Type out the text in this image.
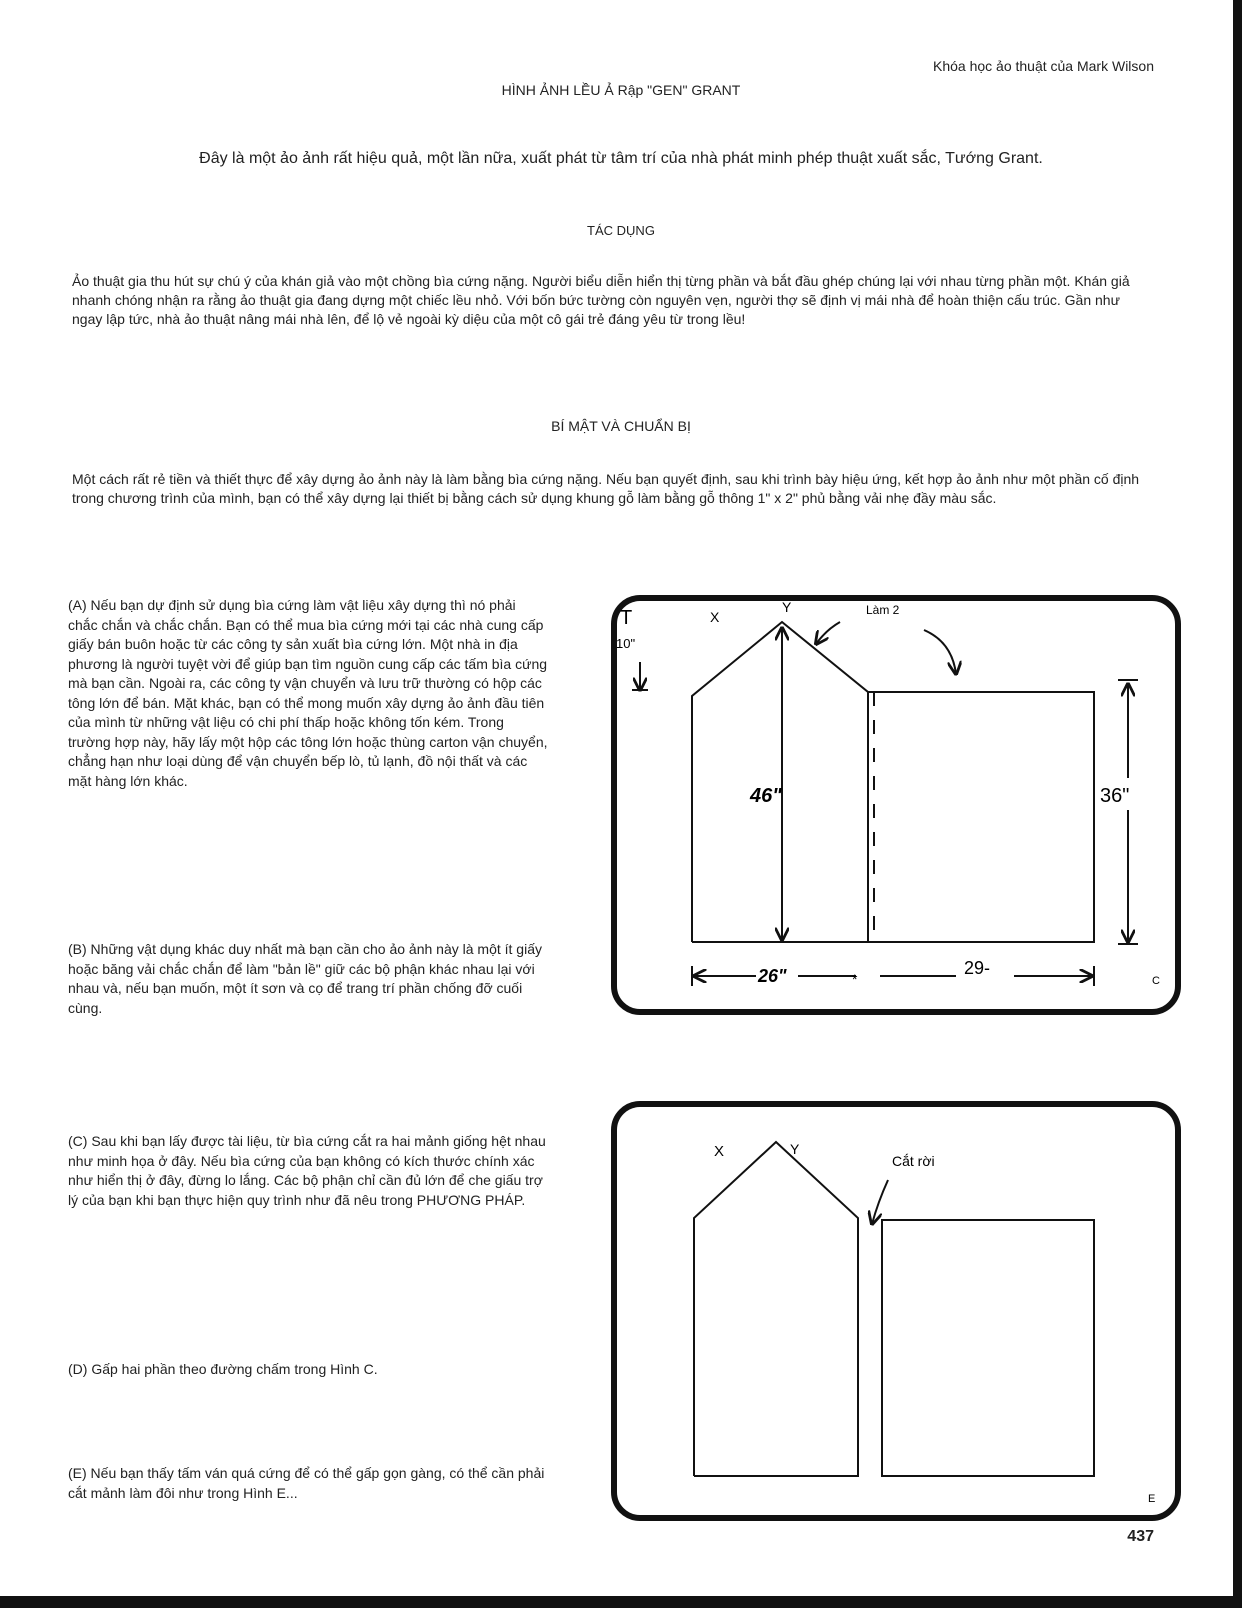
Khóa học ảo thuật của Mark Wilson
HÌNH ẢNH LỀU Ả Rập "GEN" GRANT
Đây là một ảo ảnh rất hiệu quả, một lần nữa, xuất phát từ tâm trí của nhà phát minh phép thuật xuất sắc, Tướng Grant.
TÁC DỤNG
Ảo thuật gia thu hút sự chú ý của khán giả vào một chồng bìa cứng nặng. Người biểu diễn hiển thị từng phần và bắt đầu ghép chúng lại với nhau từng phần một. Khán giả nhanh chóng nhận ra rằng ảo thuật gia đang dựng một chiếc lều nhỏ. Với bốn bức tường còn nguyên vẹn, người thợ sẽ định vị mái nhà để hoàn thiện cấu trúc. Gần như ngay lập tức, nhà ảo thuật nâng mái nhà lên, để lộ vẻ ngoài kỳ diệu của một cô gái trẻ đáng yêu từ trong lều!
BÍ MẬT VÀ CHUẨN BỊ
Một cách rất rẻ tiền và thiết thực để xây dựng ảo ảnh này là làm bằng bìa cứng nặng. Nếu bạn quyết định, sau khi trình bày hiệu ứng, kết hợp ảo ảnh như một phần cố định trong chương trình của mình, bạn có thể xây dựng lại thiết bị bằng cách sử dụng khung gỗ làm bằng gỗ thông 1" x 2" phủ bằng vải nhẹ đầy màu sắc.
(A) Nếu bạn dự định sử dụng bìa cứng làm vật liệu xây dựng thì nó phải chắc chắn và chắc chắn. Bạn có thể mua bìa cứng mới tại các nhà cung cấp giấy bán buôn hoặc từ các công ty sản xuất bìa cứng lớn. Một nhà in địa phương là người tuyệt vời để giúp bạn tìm nguồn cung cấp các tấm bìa cứng mà bạn cần. Ngoài ra, các công ty vận chuyển và lưu trữ thường có hộp các tông lớn để bán. Mặt khác, bạn có thể mong muốn xây dựng ảo ảnh đầu tiên của mình từ những vật liệu có chi phí thấp hoặc không tốn kém. Trong trường hợp này, hãy lấy một hộp các tông lớn hoặc thùng carton vận chuyển, chẳng hạn như loại dùng để vận chuyển bếp lò, tủ lạnh, đồ nội thất và các mặt hàng lớn khác.
(B) Những vật dụng khác duy nhất mà bạn cần cho ảo ảnh này là một ít giấy hoặc băng vải chắc chắn để làm "bản lề" giữ các bộ phận khác nhau lại với nhau và, nếu bạn muốn, một ít sơn và cọ để trang trí phần chống đỡ cuối cùng.
(C) Sau khi bạn lấy được tài liệu, từ bìa cứng cắt ra hai mảnh giống hệt nhau như minh họa ở đây. Nếu bìa cứng của bạn không có kích thước chính xác như hiển thị ở đây, đừng lo lắng. Các bộ phận chỉ cần đủ lớn để che giấu trợ lý của bạn khi bạn thực hiện quy trình như đã nêu trong PHƯƠNG PHÁP.
(D) Gấp hai phần theo đường chấm trong Hình C.
(E) Nếu bạn thấy tấm ván quá cứng để có thể gấp gọn gàng, có thể cần phải cắt mảnh làm đôi như trong Hình E...
X
Y	Làm 2
T
10"
46"	36"
26"	29-
*	C
X	Y
Cắt rời
E
437
